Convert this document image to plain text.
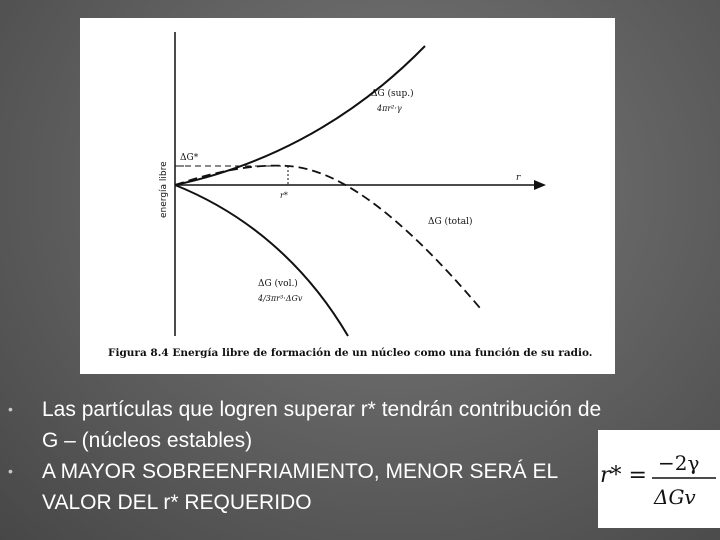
energía libre	r
ΔG*
r*
ΔG (sup.)
4πr²·γ
ΔG (total)
ΔG (vol.)
4/3πr³·ΔGv
Figura 8.4 Energía libre de formación de un núcleo como una función de su radio.
• Las partículas que logren superar r* tendrán contribución de G – (núcleos estables)
• A MAYOR SOBREENFRIAMIENTO, MENOR SERÁ EL VALOR DEL r* REQUERIDO
r* = −2γ
ΔGv
